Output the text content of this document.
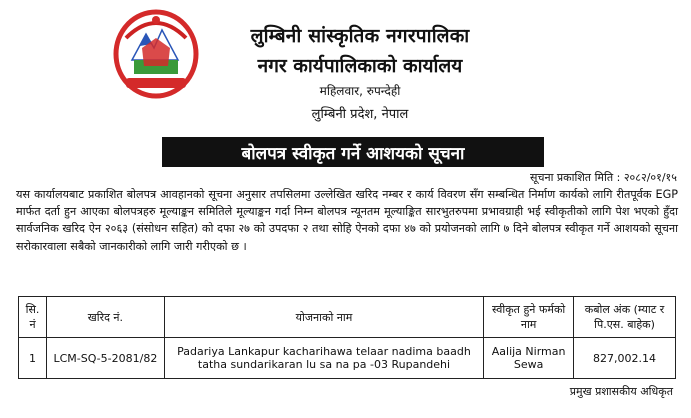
लुम्बिनी सांस्कृतिक नगरपालिका
नगर कार्यपालिकाको कार्यालय
महिलवार, रुपन्देही
लुम्बिनी प्रदेश, नेपाल
बोलपत्र स्वीकृत गर्ने आशयको सूचना
सूचना प्रकाशित मिति : २०८२/०१/१५

यस कार्यालयबाट प्रकाशित बोलपत्र आवहानको सूचना अनुसार तपसिलमा उल्लेखित खरिद नम्बर र कार्य विवरण सँग सम्बन्धित निर्माण कार्यको लागि रीतपूर्वक EGP मार्फत दर्ता हुन आएका बोलपत्रहरु मूल्याङ्कन समितिले मूल्याङ्कन गर्दा निम्न बोलपत्र न्यूनतम मूल्याङ्कित सारभुतरुपमा प्रभावग्राही भई स्वीकृतीको लागि पेश भएको हुँदा सार्वजनिक खरिद ऐन २०६३ (संसोधन सहित) को दफा २७ को उपदफा २ तथा सोहि ऐनको दफा ४७ को प्रयोजनको लागि ७ दिने बोलपत्र स्वीकृत गर्ने आशयको सूचना सरोकारवाला सबैको जानकारीको लागि जारी गरीएको छ ।

सि. नं	खरिद नं.	योजनाको नाम	स्वीकृत हुने फर्मको नाम	कबोल अंक (म्याट र पि.एस. बाहेक)
1	LCM-SQ-5-2081/82	Padariya Lankapur kacharihawa telaar nadima baadh tatha sundarikaran lu sa na pa -03 Rupandehi	Aalija Nirman Sewa	827,002.14
प्रमुख प्रशासकीय अधिकृत
